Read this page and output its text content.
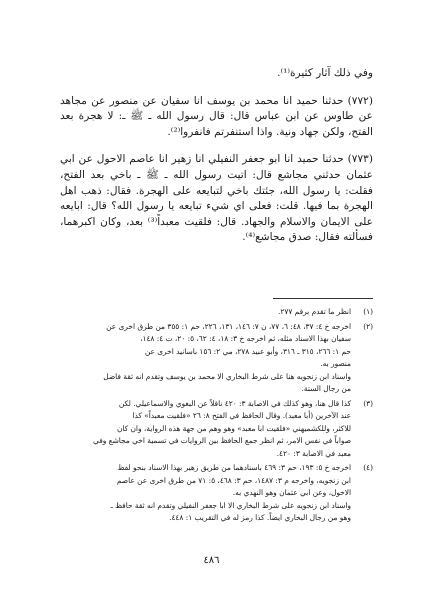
وفي ذلك آثار كثيرة⁽¹⁾.

(٧٧٢) حدثنا حميد انا محمد بن يوسف انا سفيان عن منصور عن مجاهد عن طاوس عن ابن عباس قال: قال رسول الله ـ ﷺ ـ: لا هجرة بعد الفتح، ولكن جهاد ونية. واذا استنفرتم فانفروا⁽²⁾.

(٧٧٣) حدثنا حميد انا ابو جعفر النفيلي انا زهير انا عاصم الاحول عن ابي عثمان حدثني مجاشع قال: اتيت رسول الله ـ ﷺ ـ باخي بعد الفتح، فقلت: يا رسول الله، جئتك باخي لتبايعه على الهجرة. فقال: ذهب اهل الهجرة بما فيها. قلت: فعلى اي شيء تبايعه يا رسول الله؟ قال: ابايعه على الايمان والاسلام والجهاد. قال: فلقيت معبداً⁽³⁾ بعد، وكان اكبرهما، فسألته فقال: صدق مجاشع⁽⁴⁾.

(١)
انظر ما تقدم برقم ٢٧٧.
(٢)
اخرجه خ ٤: ٣٧، ٤٨: ٦، ٧٧، ن ٧: ١٤٦، ١٣١، ٢٢٦، حم ١: ٣٥٥ من طرق اخرى عن
سفيان بهذا الاسناد مثله، ثم اخرجه خ ٣: ١٨، ٤: ٦٢، ٥: ٢٠، ت ٤: ١٤٨،
حم ١: ٢٦٦، ٣١٥ ـ ٣١٦، وأبو عبيد ٢٧٨، مي ٢: ١٥٦ باسانيد اخرى عن
منصور به.
واسناد ابن زنجويه هنا على شرط البخاري الا محمد بن يوسف وتقدم انه ثقة فاضل
من رجال الستة.
(٣)
كذا قال هنا، وهو كذلك في الاصابة ٣: ٤٢٠ ناقلاً عن البغوي والاسماعيلي. لكن
عند الآخرين (أبا معبد). وقال الحافظ في الفتح ٨: ٢٦ «فلقيت معبداً» كذا
للاكثر، وللكشميهني «فلقيت ابا معبد» وهو وهم من جهة هذه الرواية، وان كان
صواباً في نفس الامر، ثم انظر جمع الحافظ بين الروايات في تسمية اخي مجاشع وفي
معبد في الاصابة ٣: ٤٢٠.
(٤)
اخرجه خ ٥: ١٩٣، حم ٣: ٤٦٩ باسنادهما من طريق زهير بهذا الاسناد بنحو لفظ
ابن زنجويه، واخرجه م ٣: ١٤٨٧، حم ٣: ٤٦٨، ٥: ٧١ من طرق اخرى عن عاصم
الاحول، وعن ابي عثمان وهو النهدي به.
واسناد ابن زنجويه على شرط البخاري الا ابا جعفر النفيلي وتقدم انه ثقة حافظ ـ
وهو من رجال البخاري ايضاً. كذا رمز له في التقريب ١: ٤٤٨.
٤٨٦
